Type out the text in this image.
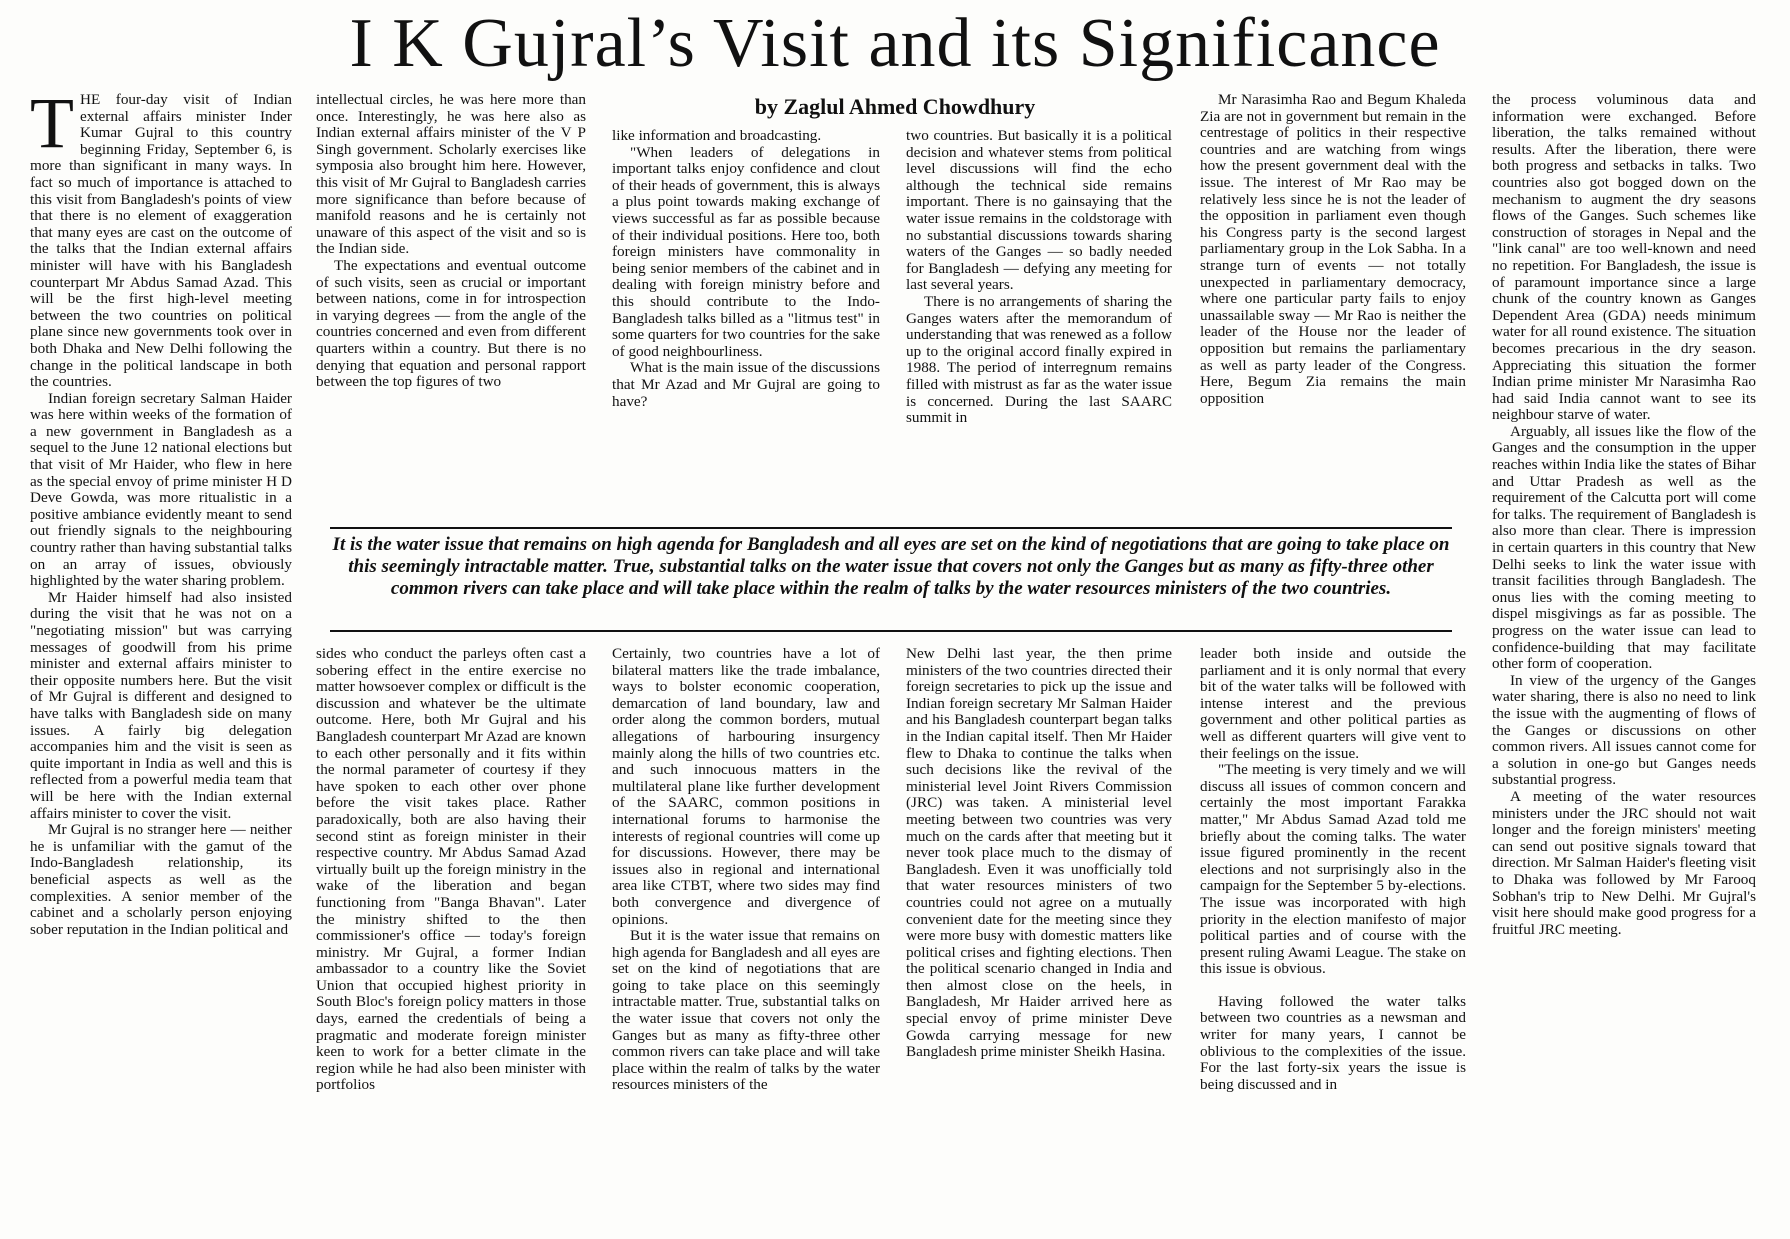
I K Gujral’s Visit and its Significance
by Zaglul Ahmed Chowdhury
T HE four-day visit of Indian external affairs minister Inder Kumar Gujral to this country beginning Friday, September 6, is more than significant in many ways. In fact so much of importance is attached to this visit from Bangladesh's points of view that there is no element of exaggeration that many eyes are cast on the outcome of the talks that the Indian external affairs minister will have with his Bangladesh counterpart Mr Abdus Samad Azad. This will be the first high-level meeting between the two countries on political plane since new governments took over in both Dhaka and New Delhi following the change in the political landscape in both the countries.

Indian foreign secretary Salman Haider was here within weeks of the formation of a new government in Bangladesh as a sequel to the June 12 national elections but that visit of Mr Haider, who flew in here as the special envoy of prime minister H D Deve Gowda, was more ritualistic in a positive ambiance evidently meant to send out friendly signals to the neighbouring country rather than having substantial talks on an array of issues, obviously highlighted by the water sharing problem.

Mr Haider himself had also insisted during the visit that he was not on a "negotiating mission" but was carrying messages of goodwill from his prime minister and external affairs minister to their opposite numbers here. But the visit of Mr Gujral is different and designed to have talks with Bangladesh side on many issues. A fairly big delegation accompanies him and the visit is seen as quite important in India as well and this is reflected from a powerful media team that will be here with the Indian external affairs minister to cover the visit.

Mr Gujral is no stranger here — neither he is unfamiliar with the gamut of the Indo-Bangladesh relationship, its beneficial aspects as well as the complexities. A senior member of the cabinet and a scholarly person enjoying sober reputation in the Indian political and

intellectual circles, he was here more than once. Interestingly, he was here also as Indian external affairs minister of the V P Singh government. Scholarly exercises like symposia also brought him here. However, this visit of Mr Gujral to Bangladesh carries more significance than before because of manifold reasons and he is certainly not unaware of this aspect of the visit and so is the Indian side.

The expectations and eventual outcome of such visits, seen as crucial or important between nations, come in for introspection in varying degrees — from the angle of the countries concerned and even from different quarters within a country. But there is no denying that equation and personal rapport between the top figures of two

like information and broadcasting.

"When leaders of delegations in important talks enjoy confidence and clout of their heads of government, this is always a plus point towards making exchange of views successful as far as possible because of their individual positions. Here too, both foreign ministers have commonality in being senior members of the cabinet and in dealing with foreign ministry before and this should contribute to the Indo-Bangladesh talks billed as a "litmus test" in some quarters for two countries for the sake of good neighbourliness.

What is the main issue of the discussions that Mr Azad and Mr Gujral are going to have?

two countries. But basically it is a political decision and whatever stems from political level discussions will find the echo although the technical side remains important. There is no gainsaying that the water issue remains in the coldstorage with no substantial discussions towards sharing waters of the Ganges — so badly needed for Bangladesh — defying any meeting for last several years.

There is no arrangements of sharing the Ganges waters after the memorandum of understanding that was renewed as a follow up to the original accord finally expired in 1988. The period of interregnum remains filled with mistrust as far as the water issue is concerned. During the last SAARC summit in

Mr Narasimha Rao and Begum Khaleda Zia are not in government but remain in the centrestage of politics in their respective countries and are watching from wings how the present government deal with the issue. The interest of Mr Rao may be relatively less since he is not the leader of the opposition in parliament even though his Congress party is the second largest parliamentary group in the Lok Sabha. In a strange turn of events — not totally unexpected in parliamentary democracy, where one particular party fails to enjoy unassailable sway — Mr Rao is neither the leader of the House nor the leader of opposition but remains the parliamentary as well as party leader of the Congress. Here, Begum Zia remains the main opposition

It is the water issue that remains on high agenda for Bangladesh and all eyes are set on the kind of negotiations that are going to take place on this seemingly intractable matter. True, substantial talks on the water issue that covers not only the Ganges but as many as fifty-three other common rivers can take place and will take place within the realm of talks by the water resources ministers of the two countries.

sides who conduct the parleys often cast a sobering effect in the entire exercise no matter howsoever complex or difficult is the discussion and whatever be the ultimate outcome. Here, both Mr Gujral and his Bangladesh counterpart Mr Azad are known to each other personally and it fits within the normal parameter of courtesy if they have spoken to each other over phone before the visit takes place. Rather paradoxically, both are also having their second stint as foreign minister in their respective country. Mr Abdus Samad Azad virtually built up the foreign ministry in the wake of the liberation and began functioning from "Banga Bhavan". Later the ministry shifted to the then commissioner's office — today's foreign ministry. Mr Gujral, a former Indian ambassador to a country like the Soviet Union that occupied highest priority in South Bloc's foreign policy matters in those days, earned the credentials of being a pragmatic and moderate foreign minister keen to work for a better climate in the region while he had also been minister with portfolios

Certainly, two countries have a lot of bilateral matters like the trade imbalance, ways to bolster economic cooperation, demarcation of land boundary, law and order along the common borders, mutual allegations of harbouring insurgency mainly along the hills of two countries etc. and such innocuous matters in the multilateral plane like further development of the SAARC, common positions in international forums to harmonise the interests of regional countries will come up for discussions. However, there may be issues also in regional and international area like CTBT, where two sides may find both convergence and divergence of opinions.

But it is the water issue that remains on high agenda for Bangladesh and all eyes are set on the kind of negotiations that are going to take place on this seemingly intractable matter. True, substantial talks on the water issue that covers not only the Ganges but as many as fifty-three other common rivers can take place and will take place within the realm of talks by the water resources ministers of the

New Delhi last year, the then prime ministers of the two countries directed their foreign secretaries to pick up the issue and Indian foreign secretary Mr Salman Haider and his Bangladesh counterpart began talks in the Indian capital itself. Then Mr Haider flew to Dhaka to continue the talks when such decisions like the revival of the ministerial level Joint Rivers Commission (JRC) was taken. A ministerial level meeting between two countries was very much on the cards after that meeting but it never took place much to the dismay of Bangladesh. Even it was unofficially told that water resources ministers of two countries could not agree on a mutually convenient date for the meeting since they were more busy with domestic matters like political crises and fighting elections. Then the political scenario changed in India and then almost close on the heels, in Bangladesh, Mr Haider arrived here as special envoy of prime minister Deve Gowda carrying message for new Bangladesh prime minister Sheikh Hasina.

leader both inside and outside the parliament and it is only normal that every bit of the water talks will be followed with intense interest and the previous government and other political parties as well as different quarters will give vent to their feelings on the issue.

"The meeting is very timely and we will discuss all issues of common concern and certainly the most important Farakka matter," Mr Abdus Samad Azad told me briefly about the coming talks. The water issue figured prominently in the recent elections and not surprisingly also in the campaign for the September 5 by-elections. The issue was incorporated with high priority in the election manifesto of major political parties and of course with the present ruling Awami League. The stake on this issue is obvious.

Having followed the water talks between two countries as a newsman and writer for many years, I cannot be oblivious to the complexities of the issue. For the last forty-six years the issue is being discussed and in

the process voluminous data and information were exchanged. Before liberation, the talks remained without results. After the liberation, there were both progress and setbacks in talks. Two countries also got bogged down on the mechanism to augment the dry seasons flows of the Ganges. Such schemes like construction of storages in Nepal and the "link canal" are too well-known and need no repetition. For Bangladesh, the issue is of paramount importance since a large chunk of the country known as Ganges Dependent Area (GDA) needs minimum water for all round existence. The situation becomes precarious in the dry season. Appreciating this situation the former Indian prime minister Mr Narasimha Rao had said India cannot want to see its neighbour starve of water.

Arguably, all issues like the flow of the Ganges and the consumption in the upper reaches within India like the states of Bihar and Uttar Pradesh as well as the requirement of the Calcutta port will come for talks. The requirement of Bangladesh is also more than clear. There is impression in certain quarters in this country that New Delhi seeks to link the water issue with transit facilities through Bangladesh. The onus lies with the coming meeting to dispel misgivings as far as possible. The progress on the water issue can lead to confidence-building that may facilitate other form of cooperation.

In view of the urgency of the Ganges water sharing, there is also no need to link the issue with the augmenting of flows of the Ganges or discussions on other common rivers. All issues cannot come for a solution in one-go but Ganges needs substantial progress.

A meeting of the water resources ministers under the JRC should not wait longer and the foreign ministers' meeting can send out positive signals toward that direction. Mr Salman Haider's fleeting visit to Dhaka was followed by Mr Farooq Sobhan's trip to New Delhi. Mr Gujral's visit here should make good progress for a fruitful JRC meeting.
